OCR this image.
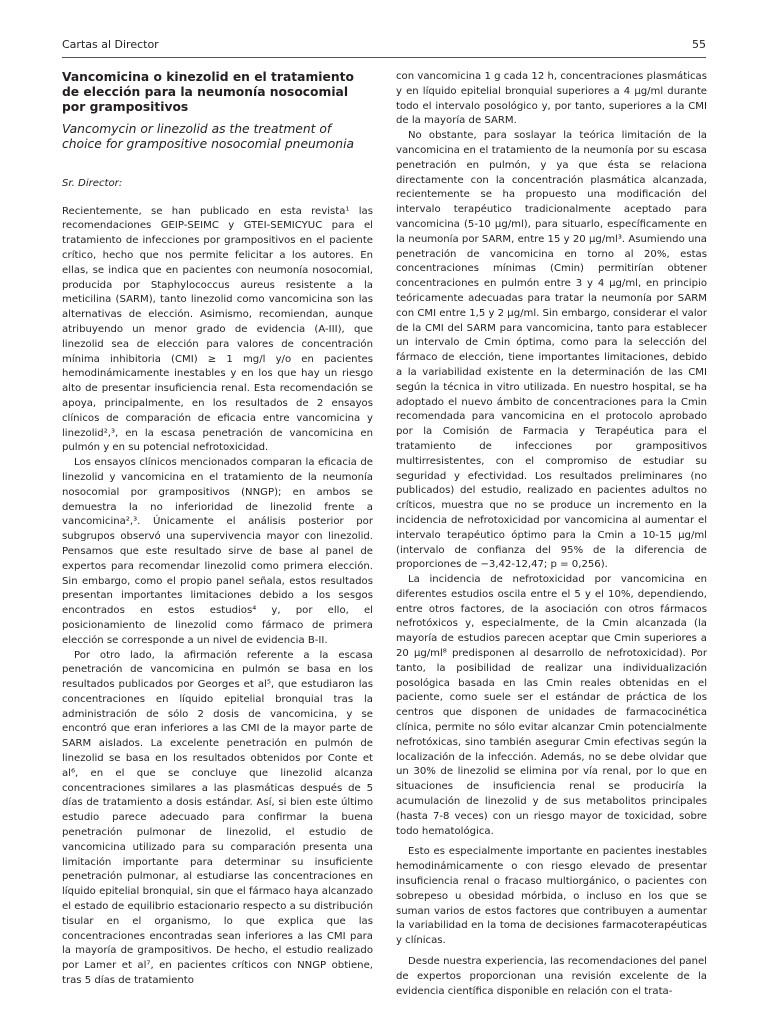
Cartas al Director	55
Vancomicina o kinezolid en el tratamiento de elección para la neumonía nosocomial por grampositivos
Vancomycin or linezolid as the treatment of choice for grampositive nosocomial pneumonia
Sr. Director:

Recientemente, se han publicado en esta revista¹ las recomendaciones GEIP-SEIMC y GTEI-SEMICYUC para el tratamiento de infecciones por grampositivos en el paciente crítico, hecho que nos permite felicitar a los autores. En ellas, se indica que en pacientes con neumonía nosocomial, producida por Staphylococcus aureus resistente a la meticilina (SARM), tanto linezolid como vancomicina son las alternativas de elección. Asimismo, recomiendan, aunque atribuyendo un menor grado de evidencia (A-III), que linezolid sea de elección para valores de concentración mínima inhibitoria (CMI) ≥ 1 mg/l y/o en pacientes hemodinámicamente inestables y en los que hay un riesgo alto de presentar insuficiencia renal. Esta recomendación se apoya, principalmente, en los resultados de 2 ensayos clínicos de comparación de eficacia entre vancomicina y linezolid²,³, en la escasa penetración de vancomicina en pulmón y en su potencial nefrotoxicidad.

Los ensayos clínicos mencionados comparan la eficacia de linezolid y vancomicina en el tratamiento de la neumonía nosocomial por grampositivos (NNGP); en ambos se demuestra la no inferioridad de linezolid frente a vancomicina²,³. Únicamente el análisis posterior por subgrupos observó una supervivencia mayor con linezolid. Pensamos que este resultado sirve de base al panel de expertos para recomendar linezolid como primera elección. Sin embargo, como el propio panel señala, estos resultados presentan importantes limitaciones debido a los sesgos encontrados en estos estudios⁴ y, por ello, el posicionamiento de linezolid como fármaco de primera elección se corresponde a un nivel de evidencia B-II.

Por otro lado, la afirmación referente a la escasa penetración de vancomicina en pulmón se basa en los resultados publicados por Georges et al⁵, que estudiaron las concentraciones en líquido epitelial bronquial tras la administración de sólo 2 dosis de vancomicina, y se encontró que eran inferiores a las CMI de la mayor parte de SARM aislados. La excelente penetración en pulmón de linezolid se basa en los resultados obtenidos por Conte et al⁶, en el que se concluye que linezolid alcanza concentraciones similares a las plasmáticas después de 5 días de tratamiento a dosis estándar. Así, si bien este último estudio parece adecuado para confirmar la buena penetración pulmonar de linezolid, el estudio de vancomicina utilizado para su comparación presenta una limitación importante para determinar su insuficiente penetración pulmonar, al estudiarse las concentraciones en líquido epitelial bronquial, sin que el fármaco haya alcanzado el estado de equilibrio estacionario respecto a su distribución tisular en el organismo, lo que explica que las concentraciones encontradas sean inferiores a las CMI para la mayoría de grampositivos. De hecho, el estudio realizado por Lamer et al⁷, en pacientes críticos con NNGP obtiene, tras 5 días de tratamiento

con vancomicina 1 g cada 12 h, concentraciones plasmáticas y en líquido epitelial bronquial superiores a 4 μg/ml durante todo el intervalo posológico y, por tanto, superiores a la CMI de la mayoría de SARM.

No obstante, para soslayar la teórica limitación de la vancomicina en el tratamiento de la neumonía por su escasa penetración en pulmón, y ya que ésta se relaciona directamente con la concentración plasmática alcanzada, recientemente se ha propuesto una modificación del intervalo terapéutico tradicionalmente aceptado para vancomicina (5-10 μg/ml), para situarlo, específicamente en la neumonía por SARM, entre 15 y 20 μg/ml³. Asumiendo una penetración de vancomicina en torno al 20%, estas concentraciones mínimas (Cmin) permitirían obtener concentraciones en pulmón entre 3 y 4 μg/ml, en principio teóricamente adecuadas para tratar la neumonía por SARM con CMI entre 1,5 y 2 μg/ml. Sin embargo, considerar el valor de la CMI del SARM para vancomicina, tanto para establecer un intervalo de Cmin óptima, como para la selección del fármaco de elección, tiene importantes limitaciones, debido a la variabilidad existente en la determinación de las CMI según la técnica in vitro utilizada. En nuestro hospital, se ha adoptado el nuevo ámbito de concentraciones para la Cmin recomendada para vancomicina en el protocolo aprobado por la Comisión de Farmacia y Terapéutica para el tratamiento de infecciones por grampositivos multirresistentes, con el compromiso de estudiar su seguridad y efectividad. Los resultados preliminares (no publicados) del estudio, realizado en pacientes adultos no críticos, muestra que no se produce un incremento en la incidencia de nefrotoxicidad por vancomicina al aumentar el intervalo terapéutico óptimo para la Cmin a 10-15 μg/ml (intervalo de confianza del 95% de la diferencia de proporciones de −3,42-12,47; p = 0,256).

La incidencia de nefrotoxicidad por vancomicina en diferentes estudios oscila entre el 5 y el 10%, dependiendo, entre otros factores, de la asociación con otros fármacos nefrotóxicos y, especialmente, de la Cmin alcanzada (la mayoría de estudios parecen aceptar que Cmin superiores a 20 μg/ml⁸ predisponen al desarrollo de nefrotoxicidad). Por tanto, la posibilidad de realizar una individualización posológica basada en las Cmin reales obtenidas en el paciente, como suele ser el estándar de práctica de los centros que disponen de unidades de farmacocinética clínica, permite no sólo evitar alcanzar Cmin potencialmente nefrotóxicas, sino también asegurar Cmin efectivas según la localización de la infección. Además, no se debe olvidar que un 30% de linezolid se elimina por vía renal, por lo que en situaciones de insuficiencia renal se produciría la acumulación de linezolid y de sus metabolitos principales (hasta 7-8 veces) con un riesgo mayor de toxicidad, sobre todo hematológica.

Esto es especialmente importante en pacientes inestables hemodinámicamente o con riesgo elevado de presentar insuficiencia renal o fracaso multiorgánico, o pacientes con sobrepeso u obesidad mórbida, o incluso en los que se suman varios de estos factores que contribuyen a aumentar la variabilidad en la toma de decisiones farmacoterapéuticas y clínicas.

Desde nuestra experiencia, las recomendaciones del panel de expertos proporcionan una revisión excelente de la evidencia científica disponible en relación con el trata-
